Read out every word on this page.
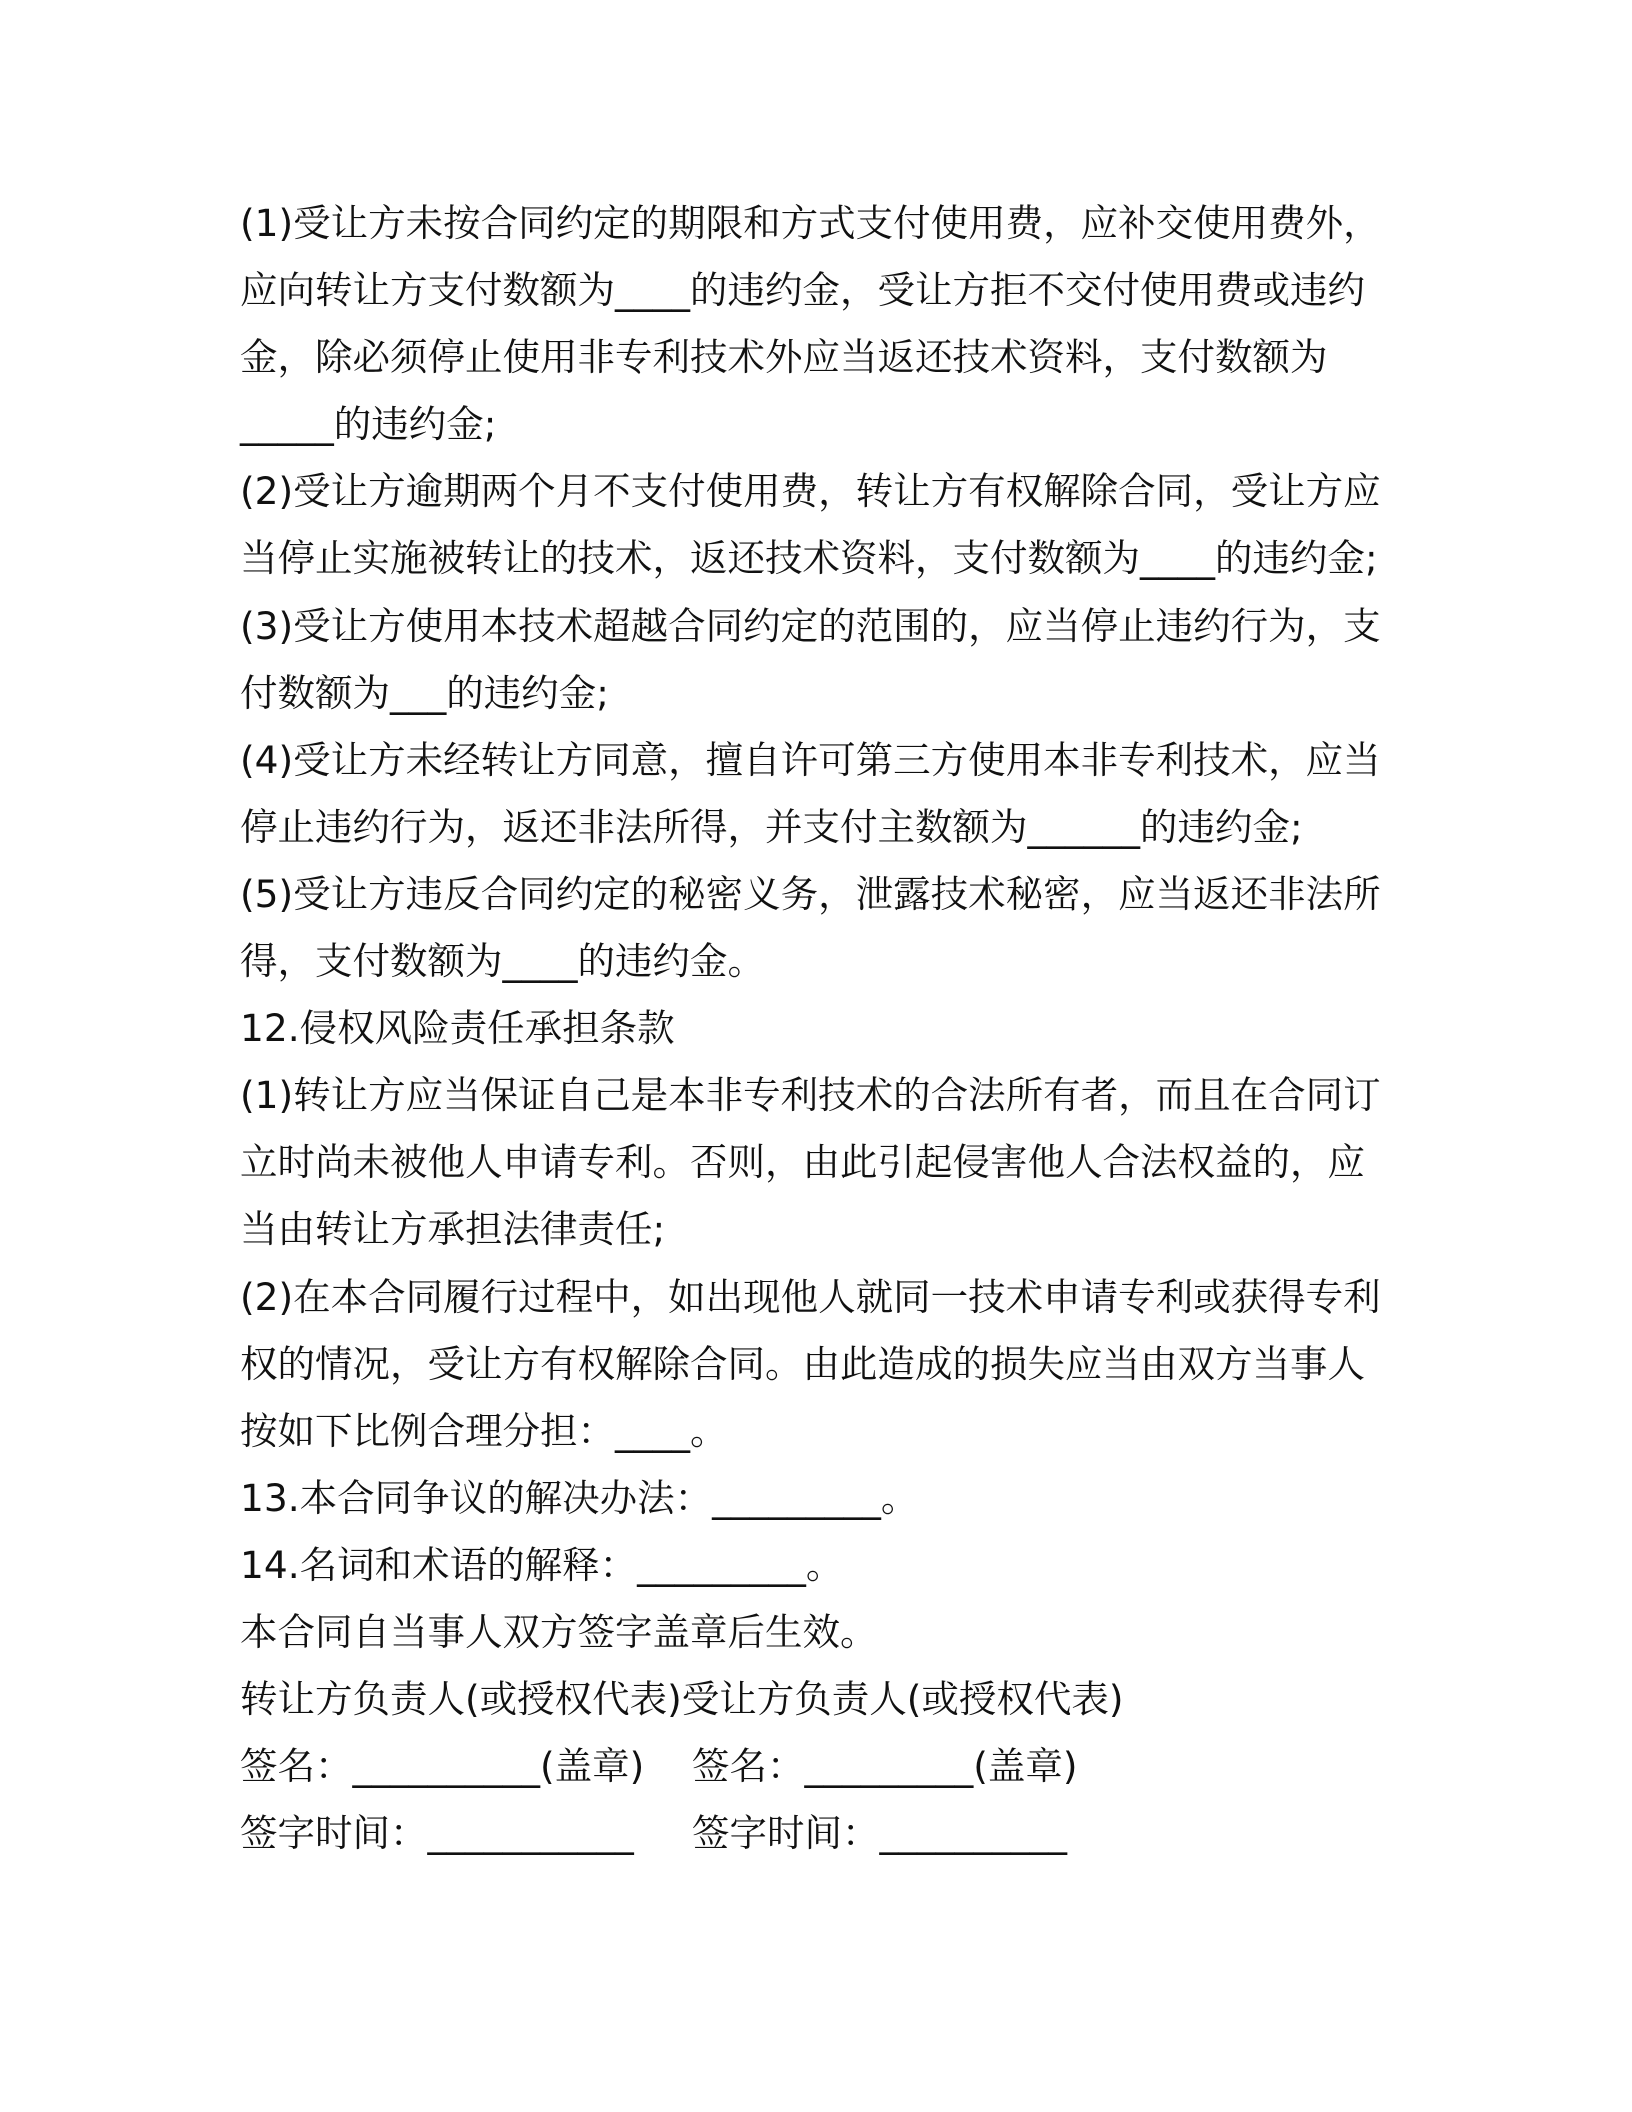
(1)受让方未按合同约定的期限和方式支付使用费，应补交使用费外，
应向转让方支付数额为____的违约金，受让方拒不交付使用费或违约
金，除必须停止使用非专利技术外应当返还技术资料，支付数额为
_____的违约金;
(2)受让方逾期两个月不支付使用费，转让方有权解除合同，受让方应
当停止实施被转让的技术，返还技术资料，支付数额为____的违约金;
(3)受让方使用本技术超越合同约定的范围的，应当停止违约行为，支
付数额为___的违约金;
(4)受让方未经转让方同意，擅自许可第三方使用本非专利技术，应当
停止违约行为，返还非法所得，并支付主数额为______的违约金;
(5)受让方违反合同约定的秘密义务，泄露技术秘密，应当返还非法所
得，支付数额为____的违约金。
12.侵权风险责任承担条款
(1)转让方应当保证自己是本非专利技术的合法所有者，而且在合同订
立时尚未被他人申请专利。否则，由此引起侵害他人合法权益的，应
当由转让方承担法律责任;
(2)在本合同履行过程中，如出现他人就同一技术申请专利或获得专利
权的情况，受让方有权解除合同。由此造成的损失应当由双方当事人
按如下比例合理分担：____。
13.本合同争议的解决办法：_________。
14.名词和术语的解释：_________。
本合同自当事人双方签字盖章后生效。
转让方负责人(或授权代表)受让方负责人(或授权代表)
签名：__________(盖章) 签名：_________(盖章)
签字时间：___________ 签字时间：__________
